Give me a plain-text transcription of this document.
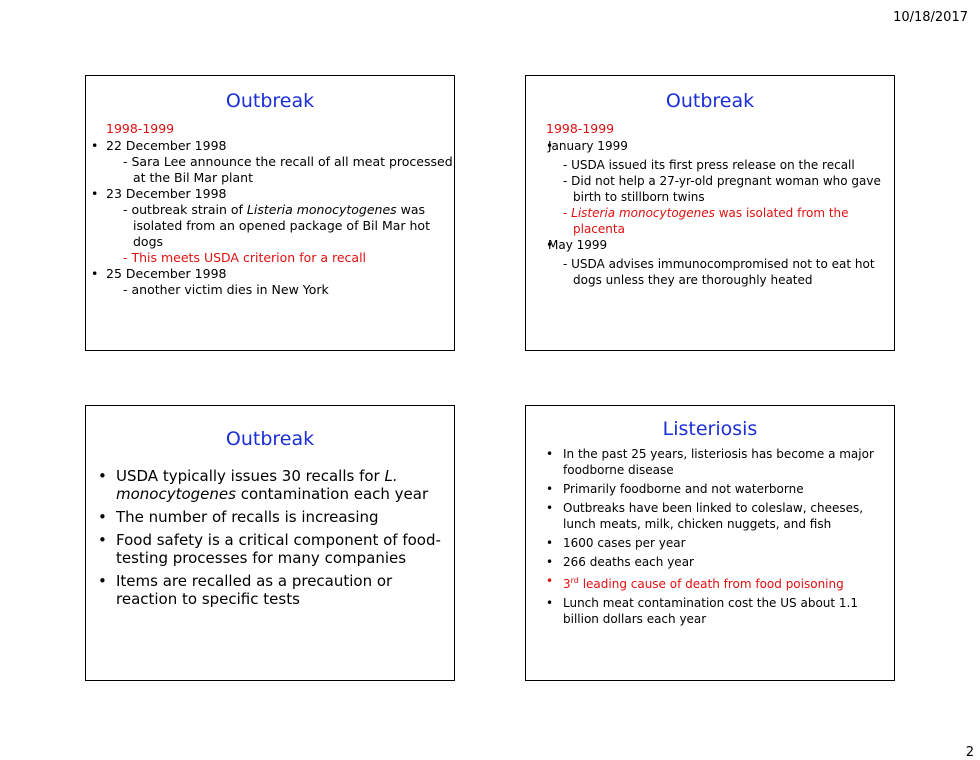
10/18/2017
Outbreak
1998-1999
• 22 December 1998
- Sara Lee announce the recall of all meat processed at the Bil Mar plant
• 23 December 1998
- outbreak strain of Listeria monocytogenes was isolated from an opened package of Bil Mar hot dogs
- This meets USDA criterion for a recall
• 25 December 1998
- another victim dies in New York
Outbreak
1998-1999
• January 1999
- USDA issued its first press release on the recall
- Did not help a 27-yr-old pregnant woman who gave birth to stillborn twins
- Listeria monocytogenes was isolated from the placenta
• May 1999
- USDA advises immunocompromised not to eat hot dogs unless they are thoroughly heated
Outbreak
• USDA typically issues 30 recalls for L. monocytogenes contamination each year
• The number of recalls is increasing
• Food safety is a critical component of food-testing processes for many companies
• Items are recalled as a precaution or reaction to specific tests
Listeriosis
• In the past 25 years, listeriosis has become a major foodborne disease
• Primarily foodborne and not waterborne
• Outbreaks have been linked to coleslaw, cheeses, lunch meats, milk, chicken nuggets, and fish
• 1600 cases per year
• 266 deaths each year
• 3rd leading cause of death from food poisoning
• Lunch meat contamination cost the US about 1.1 billion dollars each year
2
